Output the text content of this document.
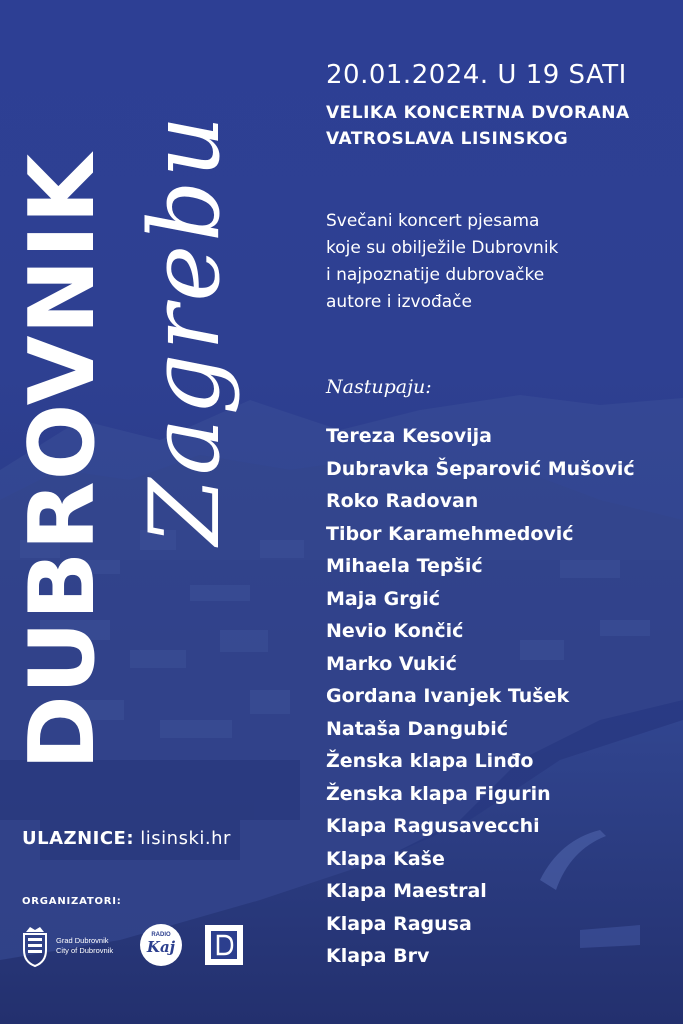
DUBROVNIK Zagrebu
20.01.2024. U 19 SATI
VELIKA KONCERTNA DVORANA
VATROSLAVA LISINSKOG
Svečani koncert pjesama
koje su obilježile Dubrovnik
i najpoznatije dubrovačke
autore i izvođače
Nastupaju:
Tereza Kesovija
Dubravka Šeparović Mušović
Roko Radovan
Tibor Karamehmedović
Mihaela Tepšić
Maja Grgić
Nevio Končić
Marko Vukić
Gordana Ivanjek Tušek
Nataša Dangubić
Ženska klapa Linđo
Ženska klapa Figurin
Klapa Ragusavecchi
Klapa Kaše
Klapa Maestral
Klapa Ragusa
Klapa Brv
ULAZNICE: lisinski.hr
ORGANIZATORI:
Grad Dubrovnik
City of Dubrovnik
RADIO
Kaj
